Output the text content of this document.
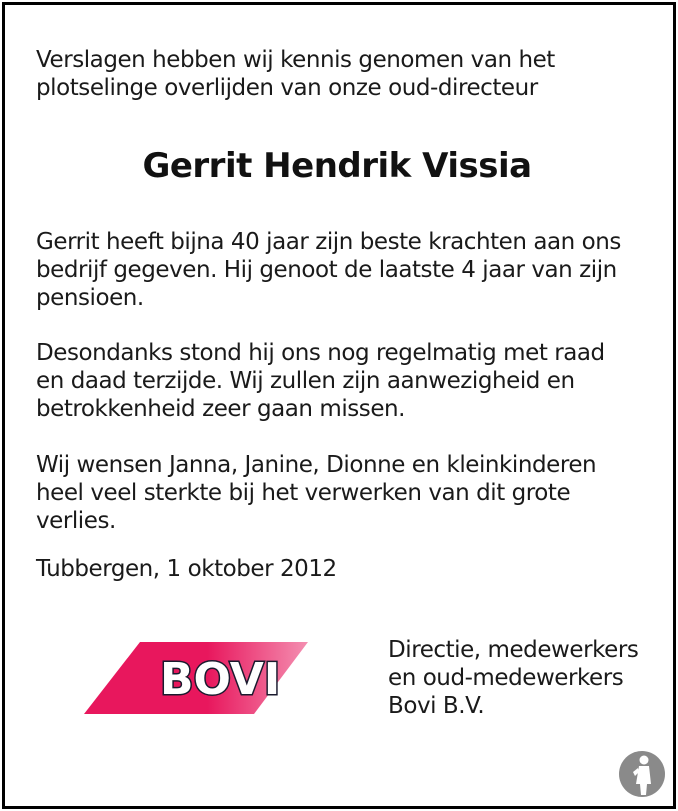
Verslagen hebben wij kennis genomen van het
plotselinge overlijden van onze oud-directeur
Gerrit Hendrik Vissia
Gerrit heeft bijna 40 jaar zijn beste krachten aan ons
bedrijf gegeven. Hij genoot de laatste 4 jaar van zijn
pensioen.
Desondanks stond hij ons nog regelmatig met raad
en daad terzijde. Wij zullen zijn aanwezigheid en
betrokkenheid zeer gaan missen.
Wij wensen Janna, Janine, Dionne en kleinkinderen
heel veel sterkte bij het verwerken van dit grote
verlies.
Tubbergen, 1 oktober 2012
BOVI
Directie, medewerkers
en oud-medewerkers
Bovi B.V.
